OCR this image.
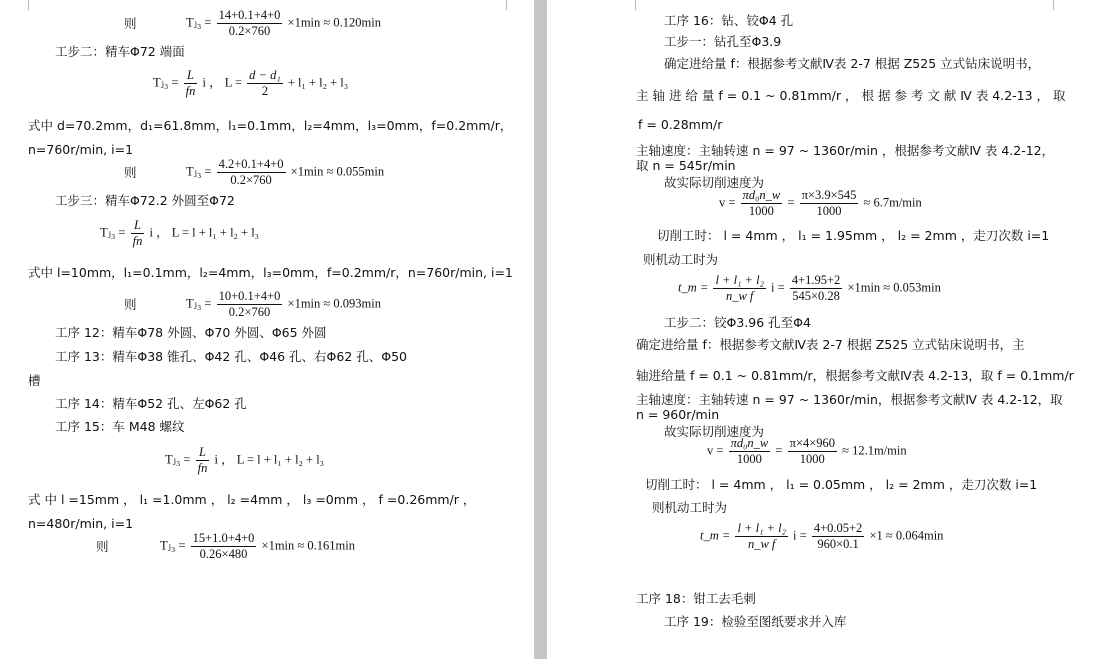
则	Tⱼ₃ = $\frac{14+0.1+4+0}{0.2\times 760} \times 1\min \approx 0.120\min$
工步二：精车Φ72 端面
Tⱼ₃ = $\frac{L}{fn}$ i ， $L = \frac{\text{d − d₁}}{2} + l_1 + l_2 + l_3$
式中 d=70.2mm，d₁=61.8mm，l₁=0.1mm，l₂=4mm，l₃=0mm，f=0.2mm/r，
n=760r/min, i=1
则	Tⱼ₃ = $\frac{4.2+0.1+4+0}{0.2\times 760} \times 1\min \approx 0.055\min$
工步三：精车Φ72.2 外圆至Φ72
Tⱼ₃ = $\frac{L}{fn}$ i ， L = l + l₁ + l₂ + l₃
式中 l=10mm，l₁=0.1mm，l₂=4mm，l₃=0mm，f=0.2mm/r，n=760r/min, i=1
则	Tⱼ₃ = $\frac{10+0.1+4+0}{0.2\times 760} \times 1\min \approx 0.093\min$
工序 12：精车Φ78 外圆、Φ70 外圆、Φ65 外圆
工序 13：精车Φ38 锥孔、Φ42 孔、Φ46 孔、右Φ62 孔、Φ50
槽
工序 14：精车Φ52 孔、左Φ62 孔
工序 15：车 M48 螺纹
Tⱼ₃ = $\frac{L}{fn}$ i ， L = l + l₁ + l₂ + l₃
式 中 l =15mm ， l₁ =1.0mm ， l₂ =4mm ， l₃ =0mm ， f =0.26mm/r ，
n=480r/min, i=1
则	Tⱼ₃ = $\frac{15+1.0+4+0}{0.26\times 480} \times 1\min \approx 0.161\min$
工序 16：钻、铰Φ4 孔
工步一：钻孔至Φ3.9
确定进给量 f：根据参考文献Ⅳ表 2-7 根据 Z525 立式钻床说明书，
主 轴 进 给 量 f = 0.1 ~ 0.81mm/r ， 根 据 参 考 文 献 Ⅳ 表 4.2-13 ， 取
f = 0.28mm/r
主轴速度：主轴转速 n = 97 ~ 1360r/min ，根据参考文献Ⅳ 表 4.2-12，
取 n = 545r/min
故实际切削速度为
$v = \frac{\text{πd₀n\_w}}{1000} = \frac{\pi\times 3.9\times 545}{1000} \approx 6.7m/\min$
切削工时： l = 4mm ， l₁ = 1.95mm ， l₂ = 2mm ，走刀次数 i=1
则机动工时为
t_m = $\frac{\text{l + l₁ + l₂}}{\text{n\_w f}}$ $i = \frac{4+1.95+2}{545\times 0.28} \times 1\min \approx 0.053\min$
工步二：铰Φ3.96 孔至Φ4
确定进给量 f：根据参考文献Ⅳ表 2-7 根据 Z525 立式钻床说明书，主
轴进给量 f = 0.1 ~ 0.81mm/r，根据参考文献Ⅳ表 4.2-13，取 f = 0.1mm/r
主轴速度：主轴转速 n = 97 ~ 1360r/min，根据参考文献Ⅳ 表 4.2-12，取
n = 960r/min
故实际切削速度为
$v = \frac{\text{πd₀n\_w}}{1000} = \frac{\pi\times 4\times 960}{1000} \approx 12.1m/\min$
切削工时： l = 4mm ， l₁ = 0.05mm ， l₂ = 2mm ，走刀次数 i=1
则机动工时为
t_m = $\frac{\text{l + l₁ + l₂}}{\text{n\_w f}}$ $i = \frac{4+0.05+2}{960\times 0.1} \times 1 \approx 0.064\min$
工序 18：钳工去毛刺
工序 19：检验至图纸要求并入库
